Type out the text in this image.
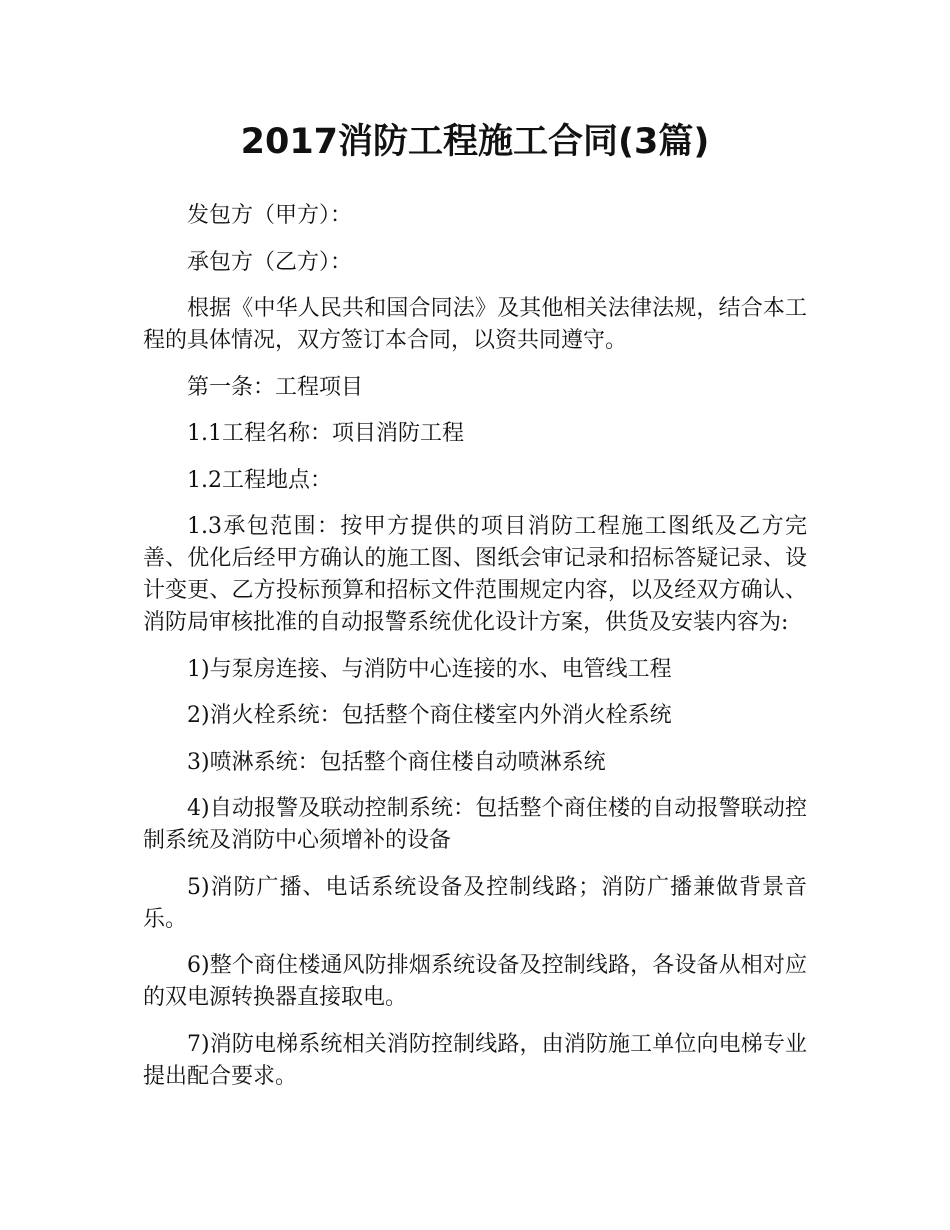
2017消防工程施工合同(3篇)

发包方（甲方）：

承包方（乙方）：

根据《中华人民共和国合同法》及其他相关法律法规，结合本工程的具体情况，双方签订本合同，以资共同遵守。

第一条：工程项目

1.1工程名称：项目消防工程

1.2工程地点：

1.3承包范围：按甲方提供的项目消防工程施工图纸及乙方完善、优化后经甲方确认的施工图、图纸会审记录和招标答疑记录、设计变更、乙方投标预算和招标文件范围规定内容，以及经双方确认、消防局审核批准的自动报警系统优化设计方案，供货及安装内容为:

1)与泵房连接、与消防中心连接的水、电管线工程

2)消火栓系统：包括整个商住楼室内外消火栓系统

3)喷淋系统：包括整个商住楼自动喷淋系统

4)自动报警及联动控制系统：包括整个商住楼的自动报警联动控制系统及消防中心须增补的设备

5)消防广播、电话系统设备及控制线路；消防广播兼做背景音乐。

6)整个商住楼通风防排烟系统设备及控制线路，各设备从相对应的双电源转换器直接取电。

7)消防电梯系统相关消防控制线路，由消防施工单位向电梯专业提出配合要求。
